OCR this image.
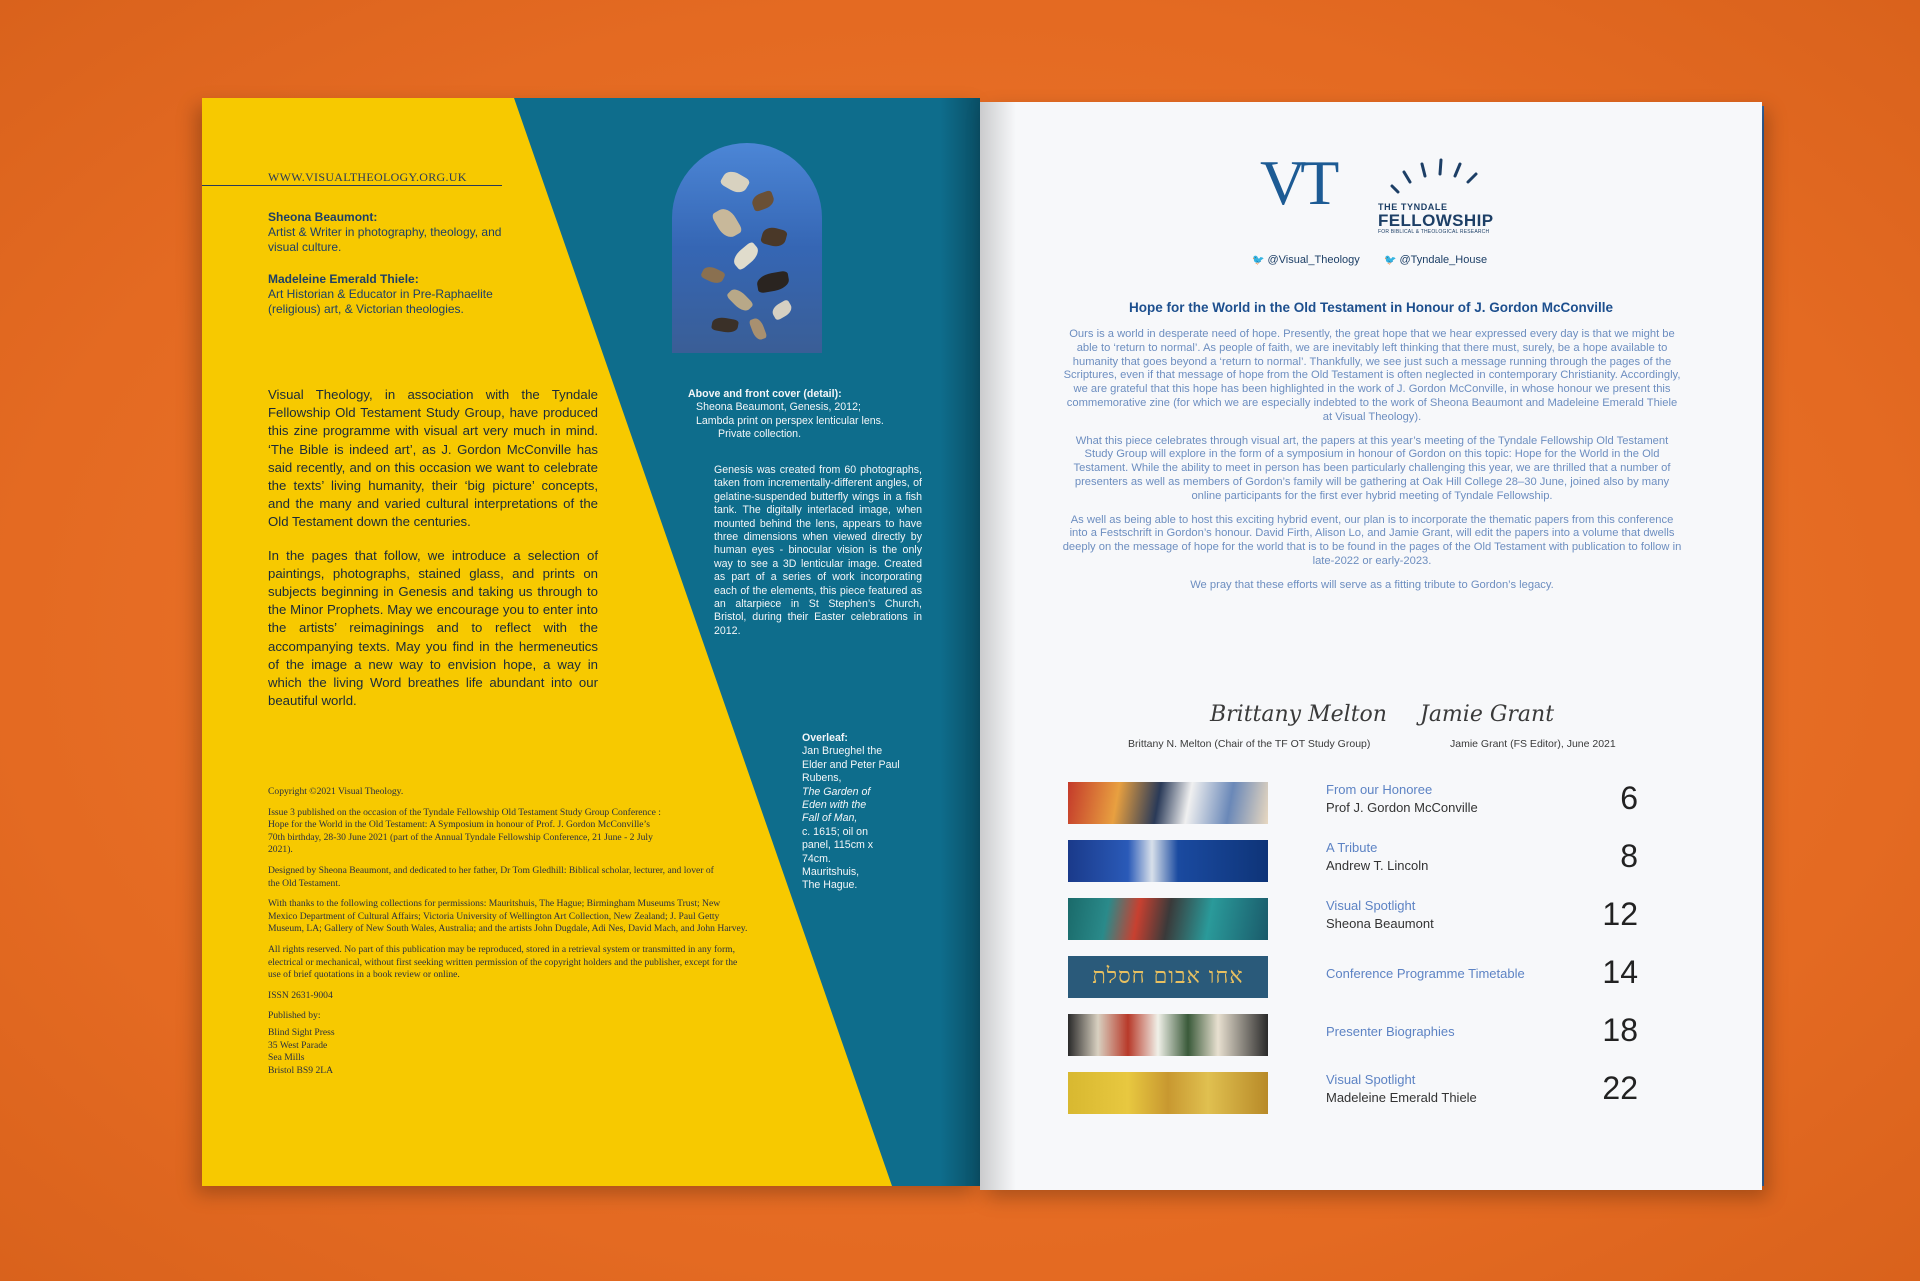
WWW.VISUALTHEOLOGY.ORG.UK
Sheona Beaumont:
Artist & Writer in photography, theology, and visual culture.
Madeleine Emerald Thiele:
Art Historian & Educator in Pre-Raphaelite (religious) art, & Victorian theologies.

Visual Theology, in association with the Tyndale Fellowship Old Testament Study Group, have produced this zine programme with visual art very much in mind. ‘The Bible is indeed art’, as J. Gordon McConville has said recently, and on this occasion we want to celebrate the texts’ living humanity, their ‘big picture’ concepts, and the many and varied cultural interpretations of the Old Testament down the centuries.

In the pages that follow, we introduce a selection of paintings, photographs, stained glass, and prints on subjects beginning in Genesis and taking us through to the Minor Prophets. May we encourage you to enter into the artists’ reimaginings and to reflect with the accompanying texts. May you find in the hermeneutics of the image a new way to envision hope, a way in which the living Word breathes life abundant into our beautiful world.

Copyright ©2021 Visual Theology.

Issue 3 published on the occasion of the Tyndale Fellowship Old Testament Study Group Conference : Hope for the World in the Old Testament: A Symposium in honour of Prof. J. Gordon McConville’s 70th birthday, 28-30 June 2021 (part of the Annual Tyndale Fellowship Conference, 21 June - 2 July 2021).

Designed by Sheona Beaumont, and dedicated to her father, Dr Tom Gledhill: Biblical scholar, lecturer, and lover of the Old Testament.

With thanks to the following collections for permissions: Mauritshuis, The Hague; Birmingham Museums Trust; New Mexico Department of Cultural Affairs; Victoria University of Wellington Art Collection, New Zealand; J. Paul Getty Museum, LA; Gallery of New South Wales, Australia; and the artists John Dugdale, Adi Nes, David Mach, and John Harvey.

All rights reserved. No part of this publication may be reproduced, stored in a retrieval system or transmitted in any form, electrical or mechanical, without first seeking written permission of the copyright holders and the publisher, except for the use of brief quotations in a book review or online.

ISSN 2631-9004

Published by:

Blind Sight Press
35 West Parade
Sea Mills
Bristol BS9 2LA
Above and front cover (detail):
Sheona Beaumont, Genesis, 2012;
Lambda print on perspex lenticular lens.
Private collection.
Genesis was created from 60 photographs, taken from incrementally-different angles, of gelatine-suspended butterfly wings in a fish tank. The digitally interlaced image, when mounted behind the lens, appears to have three dimensions when viewed directly by human eyes - binocular vision is the only way to see a 3D lenticular image. Created as part of a series of work incorporating each of the elements, this piece featured as an altarpiece in St Stephen’s Church, Bristol, during their Easter celebrations in 2012.
Overleaf:
Jan Brueghel the
Elder and Peter Paul
Rubens,
The Garden of
Eden with the
Fall of Man,
c. 1615; oil on
panel, 115cm x
74cm.
Mauritshuis,
The Hague.
VT	THE TYNDALE
FELLOWSHIP
FOR BIBLICAL & THEOLOGICAL RESEARCH
🐦 @Visual_Theology 🐦 @Tyndale_House
Hope for the World in the Old Testament in Honour of J. Gordon McConville

Ours is a world in desperate need of hope. Presently, the great hope that we hear expressed every day is that we might be able to ‘return to normal’. As people of faith, we are inevitably left thinking that there must, surely, be a hope available to humanity that goes beyond a ‘return to normal’. Thankfully, we see just such a message running through the pages of the Scriptures, even if that message of hope from the Old Testament is often neglected in contemporary Christianity. Accordingly, we are grateful that this hope has been highlighted in the work of J. Gordon McConville, in whose honour we present this commemorative zine (for which we are especially indebted to the work of Sheona Beaumont and Madeleine Emerald Thiele at Visual Theology).

What this piece celebrates through visual art, the papers at this year’s meeting of the Tyndale Fellowship Old Testament Study Group will explore in the form of a symposium in honour of Gordon on this topic: Hope for the World in the Old Testament. While the ability to meet in person has been particularly challenging this year, we are thrilled that a number of presenters as well as members of Gordon’s family will be gathering at Oak Hill College 28–30 June, joined also by many online participants for the first ever hybrid meeting of Tyndale Fellowship.

As well as being able to host this exciting hybrid event, our plan is to incorporate the thematic papers from this conference into a Festschrift in Gordon’s honour. David Firth, Alison Lo, and Jamie Grant, will edit the papers into a volume that dwells deeply on the message of hope for the world that is to be found in the pages of the Old Testament with publication to follow in late-2022 or early-2023.

We pray that these efforts will serve as a fitting tribute to Gordon’s legacy.

Brittany Melton Jamie Grant
Brittany N. Melton (Chair of the TF OT Study Group)	Jamie Grant (FS Editor), June 2021
From our Honoree
Prof J. Gordon McConville	6
A Tribute
Andrew T. Lincoln	8
Visual Spotlight
Sheona Beaumont	12
אחו אבום חסלת	Conference Programme Timetable 14
Presenter Biographies	18
Visual Spotlight
Madeleine Emerald Thiele	22
